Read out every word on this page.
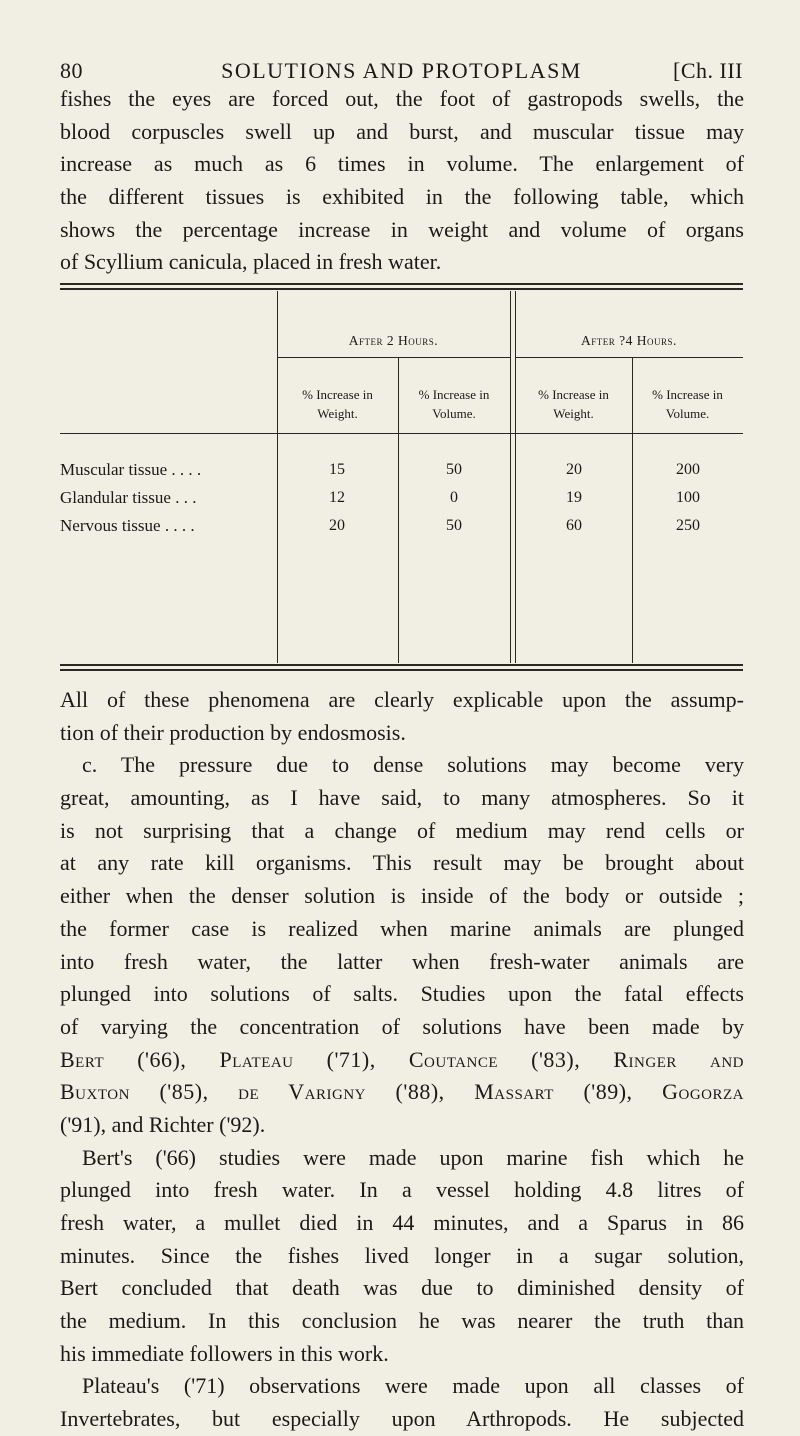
80	SOLUTIONS AND PROTOPLASM	[Ch. III
fishes the eyes are forced out, the foot of gastropods swells, the
blood corpuscles swell up and burst, and muscular tissue may
increase as much as 6 times in volume. The enlargement of
the different tissues is exhibited in the following table, which
shows the percentage increase in weight and volume of organs
of Scyllium canicula, placed in fresh water.
After 2 Hours.	After ?4 Hours.
% Increase in
Weight.
% Increase in
Volume.
% Increase in
Weight.
% Increase in
Volume.
Muscular tissue . . . .	15	50	20	200
Glandular tissue . . .	12	0	19	100
Nervous tissue . . . .	20	50	60	250
All of these phenomena are clearly explicable upon the assump-
tion of their production by endosmosis.
c. The pressure due to dense solutions may become very
great, amounting, as I have said, to many atmospheres. So it
is not surprising that a change of medium may rend cells or
at any rate kill organisms. This result may be brought about
either when the denser solution is inside of the body or outside ;
the former case is realized when marine animals are plunged
into fresh water, the latter when fresh-water animals are
plunged into solutions of salts. Studies upon the fatal effects
of varying the concentration of solutions have been made by
Bert ('66), Plateau ('71), Coutance ('83), Ringer and
Buxton ('85), de Varigny ('88), Massart ('89), Gogorza
('91), and Richter ('92).
Bert's ('66) studies were made upon marine fish which he
plunged into fresh water. In a vessel holding 4.8 litres of
fresh water, a mullet died in 44 minutes, and a Sparus in 86
minutes. Since the fishes lived longer in a sugar solution,
Bert concluded that death was due to diminished density of
the medium. In this conclusion he was nearer the truth than
his immediate followers in this work.
Plateau's ('71) observations were made upon all classes of
Invertebrates, but especially upon Arthropods. He subjected
